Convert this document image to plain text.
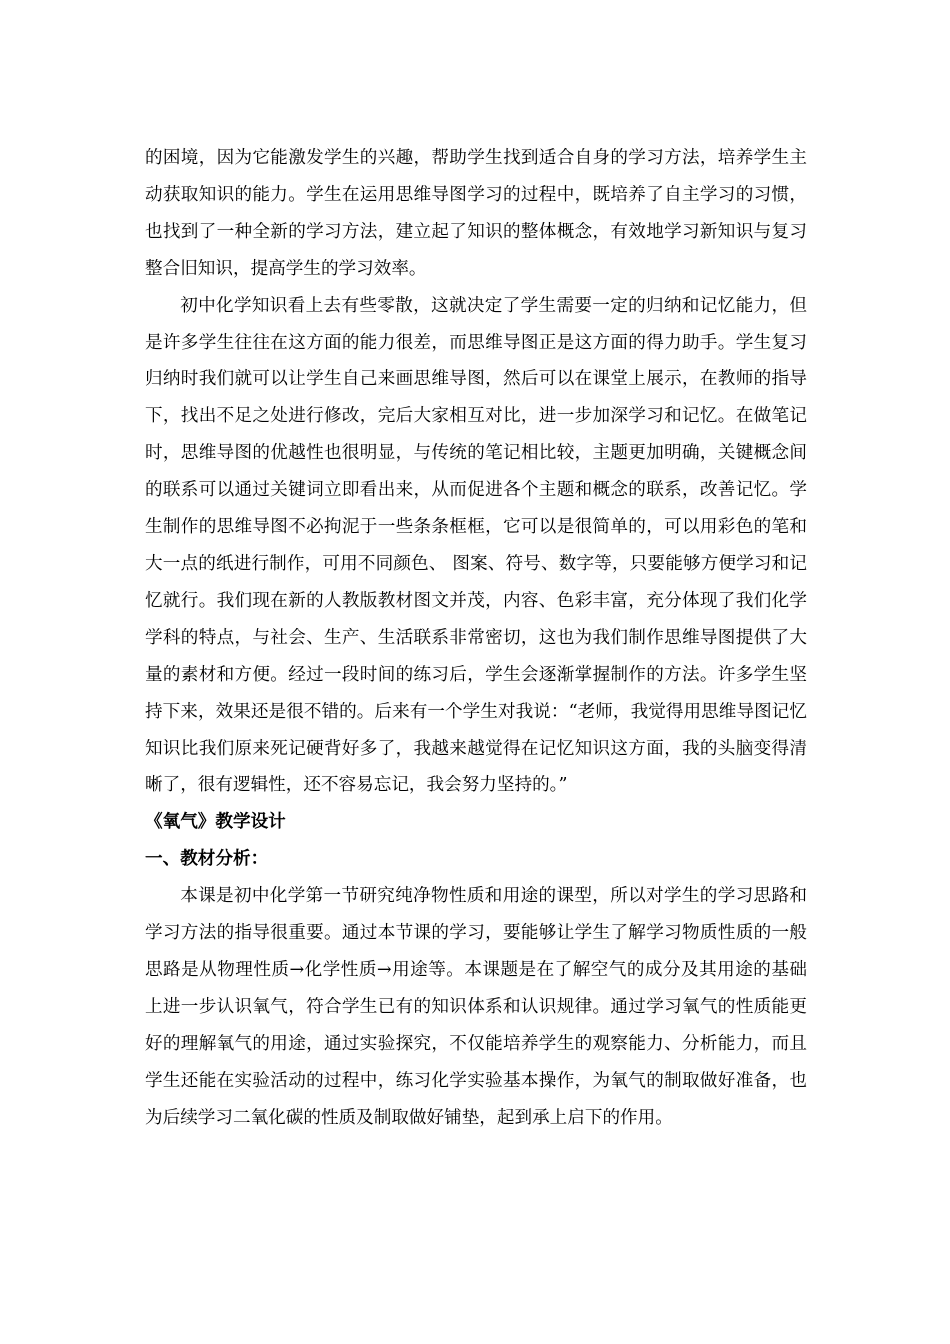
的困境，因为它能激发学生的兴趣，帮助学生找到适合自身的学习方法，培养学生主动获取知识的能力。学生在运用思维导图学习的过程中，既培养了自主学习的习惯，也找到了一种全新的学习方法，建立起了知识的整体概念，有效地学习新知识与复习整合旧知识，提高学生的学习效率。

初中化学知识看上去有些零散，这就决定了学生需要一定的归纳和记忆能力，但是许多学生往往在这方面的能力很差，而思维导图正是这方面的得力助手。学生复习归纳时我们就可以让学生自己来画思维导图，然后可以在课堂上展示，在教师的指导下，找出不足之处进行修改，完后大家相互对比，进一步加深学习和记忆。在做笔记时，思维导图的优越性也很明显，与传统的笔记相比较，主题更加明确，关键概念间的联系可以通过关键词立即看出来，从而促进各个主题和概念的联系，改善记忆。学生制作的思维导图不必拘泥于一些条条框框，它可以是很简单的，可以用彩色的笔和大一点的纸进行制作，可用不同颜色、 图案、符号、数字等，只要能够方便学习和记忆就行。我们现在新的人教版教材图文并茂，内容、色彩丰富，充分体现了我们化学学科的特点，与社会、生产、生活联系非常密切，这也为我们制作思维导图提供了大量的素材和方便。经过一段时间的练习后，学生会逐渐掌握制作的方法。许多学生坚持下来，效果还是很不错的。后来有一个学生对我说：“老师，我觉得用思维导图记忆知识比我们原来死记硬背好多了，我越来越觉得在记忆知识这方面，我的头脑变得清晰了，很有逻辑性，还不容易忘记，我会努力坚持的。”

《氧气》教学设计

一、教材分析：

本课是初中化学第一节研究纯净物性质和用途的课型，所以对学生的学习思路和学习方法的指导很重要。通过本节课的学习，要能够让学生了解学习物质性质的一般思路是从物理性质→化学性质→用途等。本课题是在了解空气的成分及其用途的基础上进一步认识氧气，符合学生已有的知识体系和认识规律。通过学习氧气的性质能更好的理解氧气的用途，通过实验探究，不仅能培养学生的观察能力、分析能力，而且学生还能在实验活动的过程中，练习化学实验基本操作，为氧气的制取做好准备，也为后续学习二氧化碳的性质及制取做好铺垫，起到承上启下的作用。
